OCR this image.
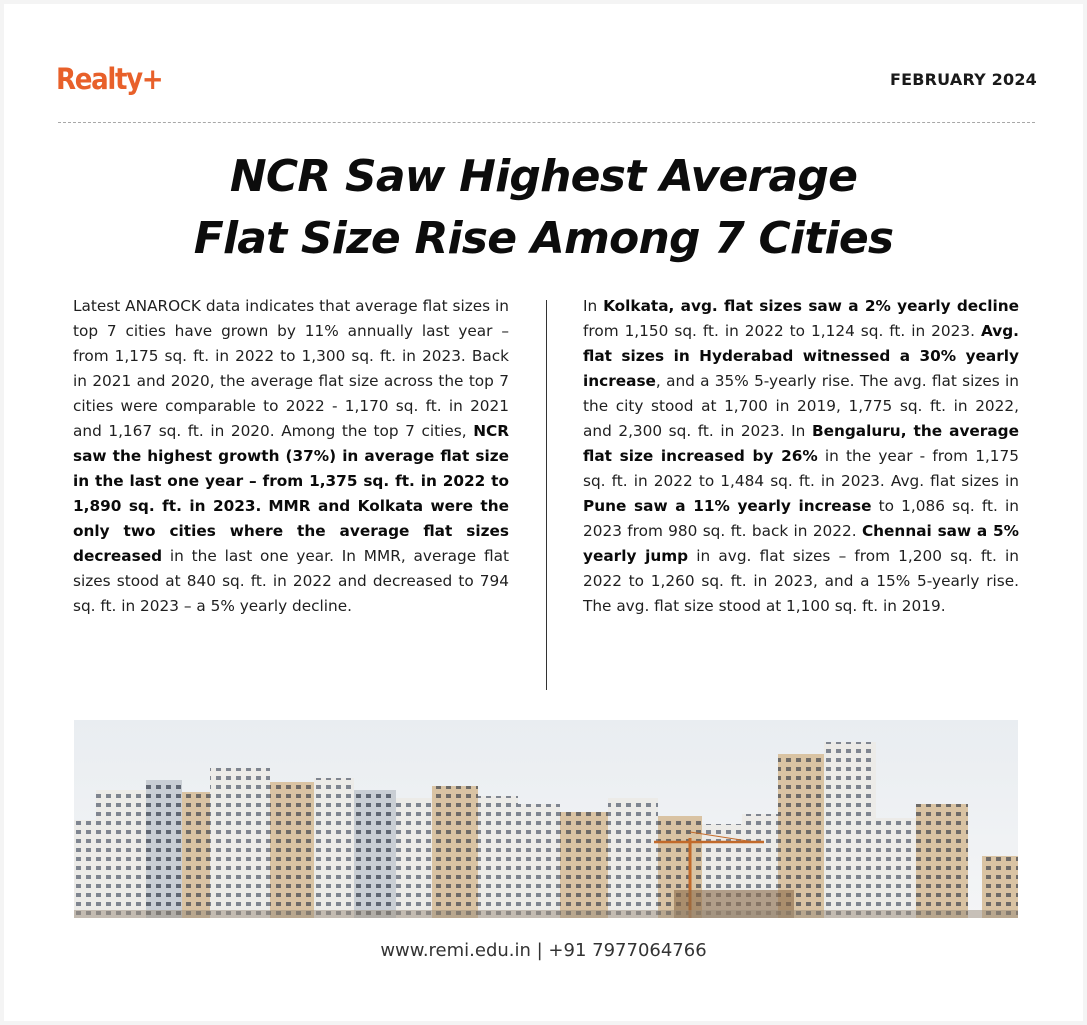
Realty+	FEBRUARY 2024
NCR Saw Highest Average
Flat Size Rise Among 7 Cities
Latest ANAROCK data indicates that average flat sizes in top 7 cities have grown by 11% annually last year – from 1,175 sq. ft. in 2022 to 1,300 sq. ft. in 2023. Back in 2021 and 2020, the average flat size across the top 7 cities were comparable to 2022 - 1,170 sq. ft. in 2021 and 1,167 sq. ft. in 2020. Among the top 7 cities, NCR saw the highest growth (37%) in average flat size in the last one year – from 1,375 sq. ft. in 2022 to 1,890 sq. ft. in 2023. MMR and Kolkata were the only two cities where the average flat sizes decreased in the last one year. In MMR, average flat sizes stood at 840 sq. ft. in 2022 and decreased to 794 sq. ft. in 2023 – a 5% yearly decline.
In Kolkata, avg. flat sizes saw a 2% yearly decline from 1,150 sq. ft. in 2022 to 1,124 sq. ft. in 2023. Avg. flat sizes in Hyderabad witnessed a 30% yearly increase, and a 35% 5-yearly rise. The avg. flat sizes in the city stood at 1,700 in 2019, 1,775 sq. ft. in 2022, and 2,300 sq. ft. in 2023. In Bengaluru, the average flat size increased by 26% in the year - from 1,175 sq. ft. in 2022 to 1,484 sq. ft. in 2023. Avg. flat sizes in Pune saw a 11% yearly increase to 1,086 sq. ft. in 2023 from 980 sq. ft. back in 2022. Chennai saw a 5% yearly jump in avg. flat sizes – from 1,200 sq. ft. in 2022 to 1,260 sq. ft. in 2023, and a 15% 5-yearly rise. The avg. flat size stood at 1,100 sq. ft. in 2019.
www.remi.edu.in | +91 7977064766
